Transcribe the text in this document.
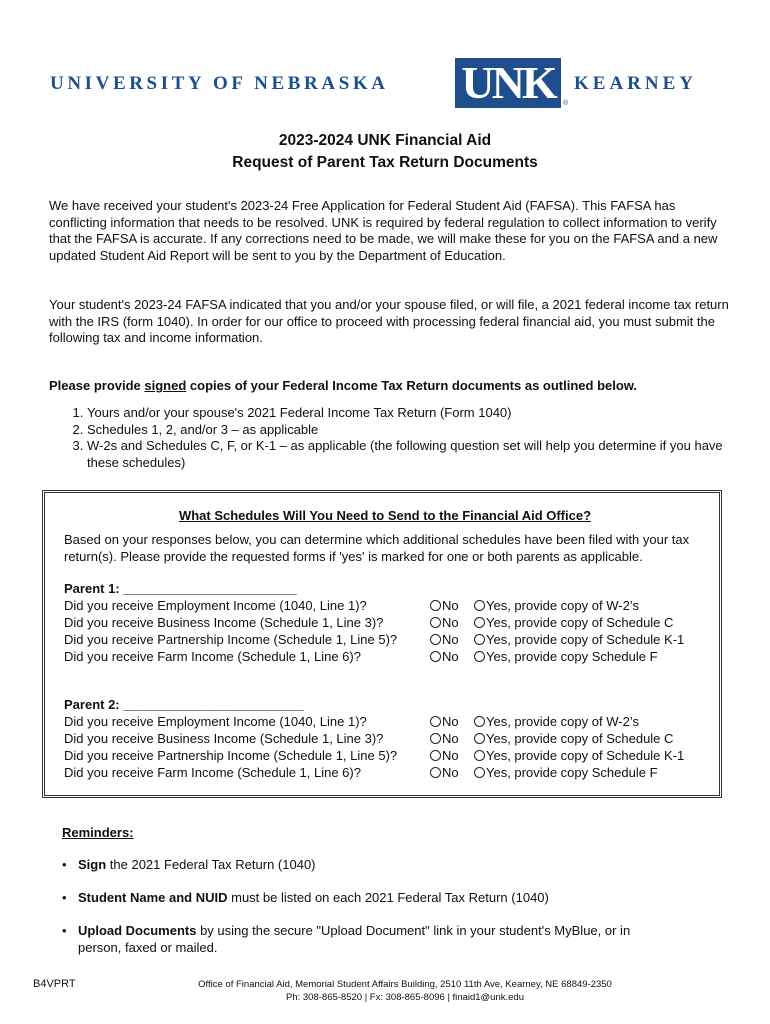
UNIVERSITY OF NEBRASKA UNK	®
KEARNEY
2023-2024 UNK Financial Aid
Request of Parent Tax Return Documents
We have received your student's 2023-24 Free Application for Federal Student Aid (FAFSA). This FAFSA has conflicting information that needs to be resolved. UNK is required by federal regulation to collect information to verify that the FAFSA is accurate. If any corrections need to be made, we will make these for you on the FAFSA and a new updated Student Aid Report will be sent to you by the Department of Education.
Your student's 2023-24 FAFSA indicated that you and/or your spouse filed, or will file, a 2021 federal income tax return with the IRS (form 1040). In order for our office to proceed with processing federal financial aid, you must submit the following tax and income information.
Please provide signed copies of your Federal Income Tax Return documents as outlined below.
1. Yours and/or your spouse's 2021 Federal Income Tax Return (Form 1040)
2. Schedules 1, 2, and/or 3 – as applicable
3. W-2s and Schedules C, F, or K-1 – as applicable (the following question set will help you determine if you have these schedules)
What Schedules Will You Need to Send to the Financial Aid Office?
Based on your responses below, you can determine which additional schedules have been filed with your tax return(s). Please provide the requested forms if 'yes' is marked for one or both parents as applicable.
Parent 1: ________________________
Did you receive Employment Income (1040, Line 1)?	No	Yes, provide copy of W-2’s
Did you receive Business Income (Schedule 1, Line 3)?	No	Yes, provide copy of Schedule C
Did you receive Partnership Income (Schedule 1, Line 5)?	No	Yes, provide copy of Schedule K-1
Did you receive Farm Income (Schedule 1, Line 6)?	No	Yes, provide copy Schedule F
Parent 2: _________________________
Did you receive Employment Income (1040, Line 1)?	No	Yes, provide copy of W-2’s
Did you receive Business Income (Schedule 1, Line 3)?	No	Yes, provide copy of Schedule C
Did you receive Partnership Income (Schedule 1, Line 5)?	No	Yes, provide copy of Schedule K-1
Did you receive Farm Income (Schedule 1, Line 6)?	No	Yes, provide copy Schedule F
Reminders:
• Sign the 2021 Federal Tax Return (1040)
• Student Name and NUID must be listed on each 2021 Federal Tax Return (1040)
• Upload Documents by using the secure "Upload Document" link in your student's MyBlue, or in person, faxed or mailed.
B4VPRT	Office of Financial Aid, Memorial Student Affairs Building, 2510 11th Ave, Kearney, NE 68849-2350
Ph: 308-865-8520 | Fx: 308-865-8096 | finaid1@unk.edu
